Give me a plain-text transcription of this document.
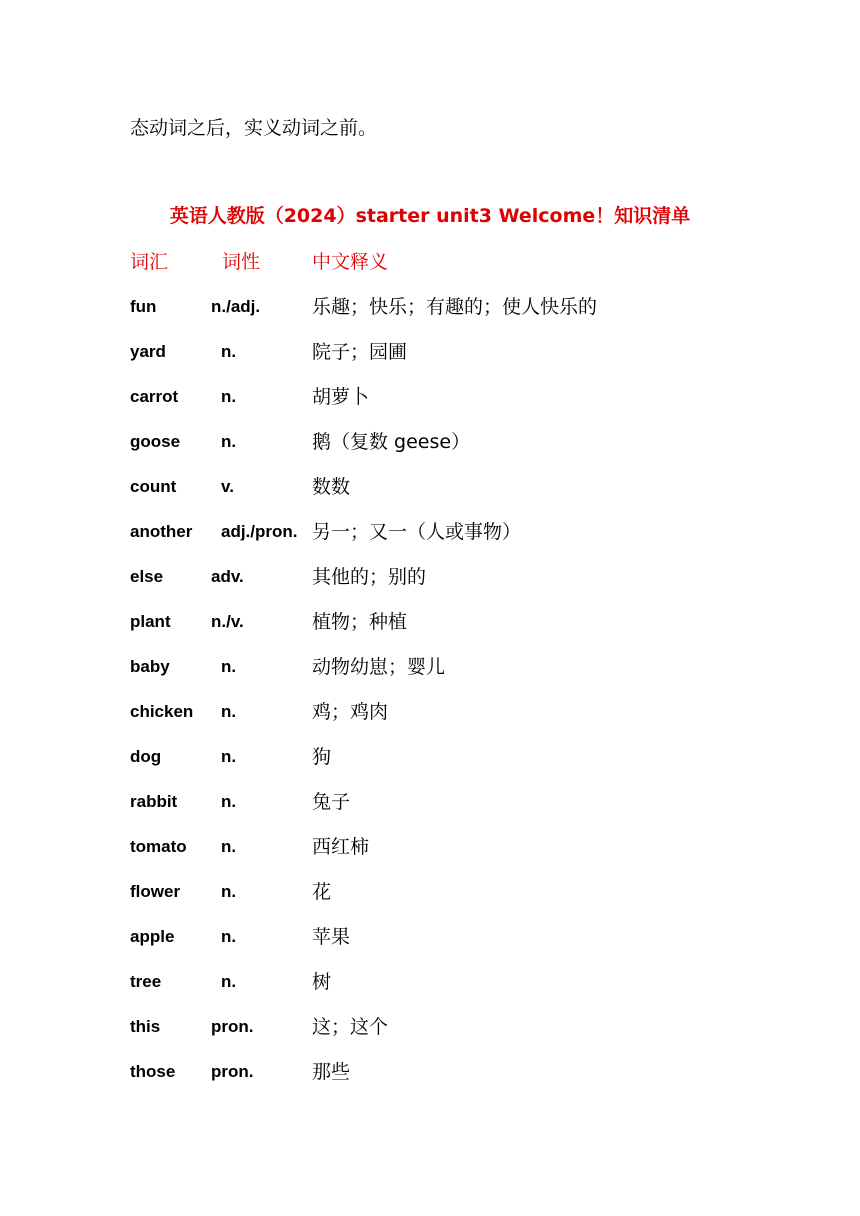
态动词之后，实义动词之前。
英语人教版（2024）starter unit3 Welcome！知识清单
词汇	词性	中文释义
fun	n./adj.	乐趣；快乐；有趣的；使人快乐的
yard	n.	院子；园圃
carrot	n.	胡萝卜
goose n.	鹅（复数 geese）
count	v.	数数
another adj./pron. 另一；又一（人或事物）
else	adv.	其他的；别的
plant n./v.	植物；种植
baby	n.	动物幼崽；婴儿
chicken n.	鸡；鸡肉
dog	n.	狗
rabbit	n.	兔子
tomato n.	西红柿
flower n.	花
apple	n.	苹果
tree	n.	树
this	pron.	这；这个
those pron.	那些
